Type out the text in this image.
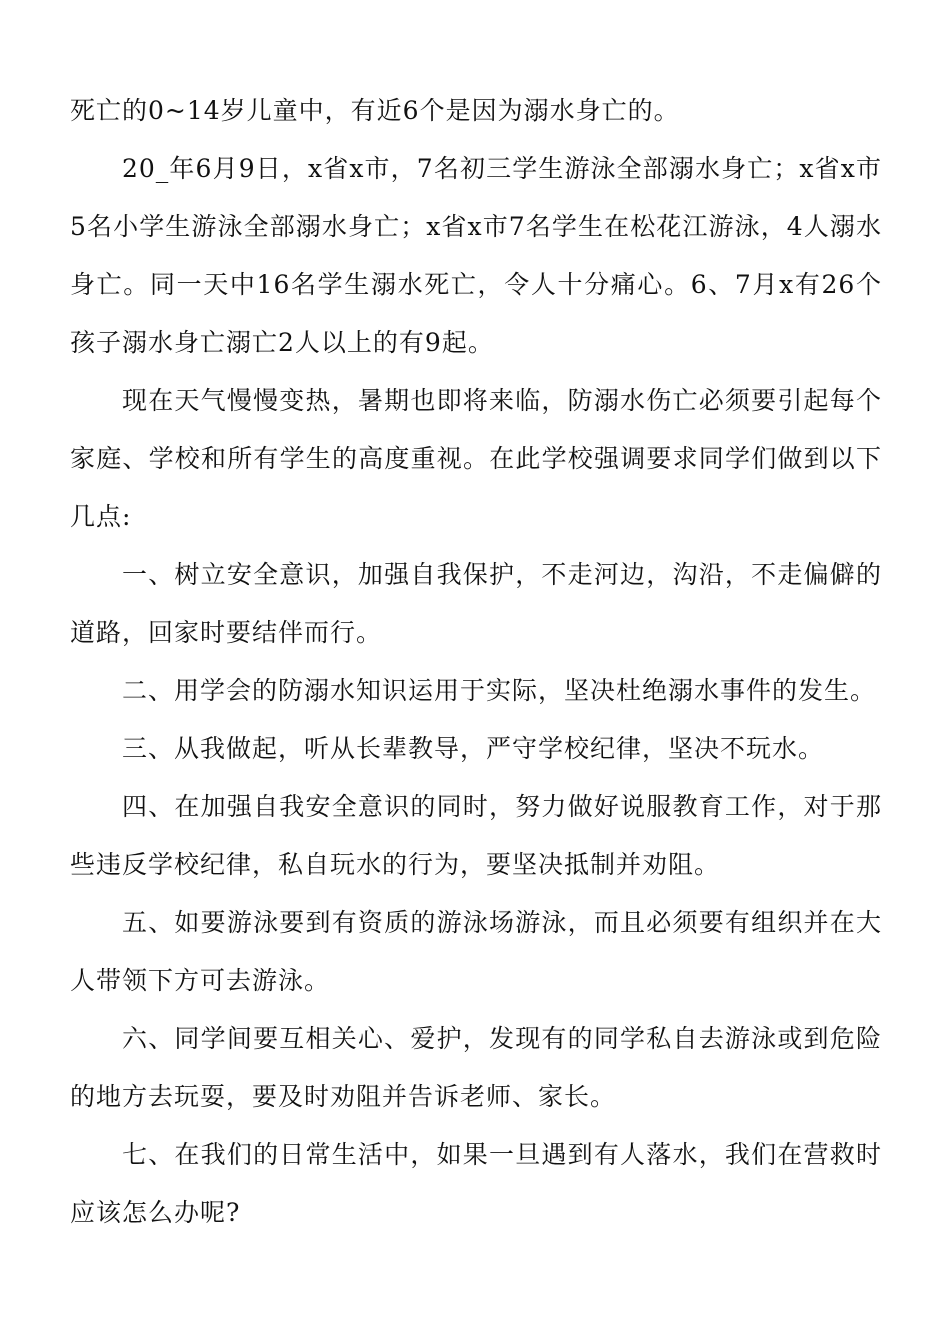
死亡的0~14岁儿童中，有近6个是因为溺水身亡的。

20_年6月9日，x省x市，7名初三学生游泳全部溺水身亡；x省x市5名小学生游泳全部溺水身亡；x省x市7名学生在松花江游泳，4人溺水身亡。同一天中16名学生溺水死亡，令人十分痛心。6、7月x有26个孩子溺水身亡溺亡2人以上的有9起。

现在天气慢慢变热，暑期也即将来临，防溺水伤亡必须要引起每个家庭、学校和所有学生的高度重视。在此学校强调要求同学们做到以下几点:

一、树立安全意识，加强自我保护，不走河边，沟沿，不走偏僻的道路，回家时要结伴而行。

二、用学会的防溺水知识运用于实际，坚决杜绝溺水事件的发生。

三、从我做起，听从长辈教导，严守学校纪律，坚决不玩水。

四、在加强自我安全意识的同时，努力做好说服教育工作，对于那些违反学校纪律，私自玩水的行为，要坚决抵制并劝阻。

五、如要游泳要到有资质的游泳场游泳，而且必须要有组织并在大人带领下方可去游泳。

六、同学间要互相关心、爱护，发现有的同学私自去游泳或到危险的地方去玩耍，要及时劝阻并告诉老师、家长。

七、在我们的日常生活中，如果一旦遇到有人落水，我们在营救时应该怎么办呢?
